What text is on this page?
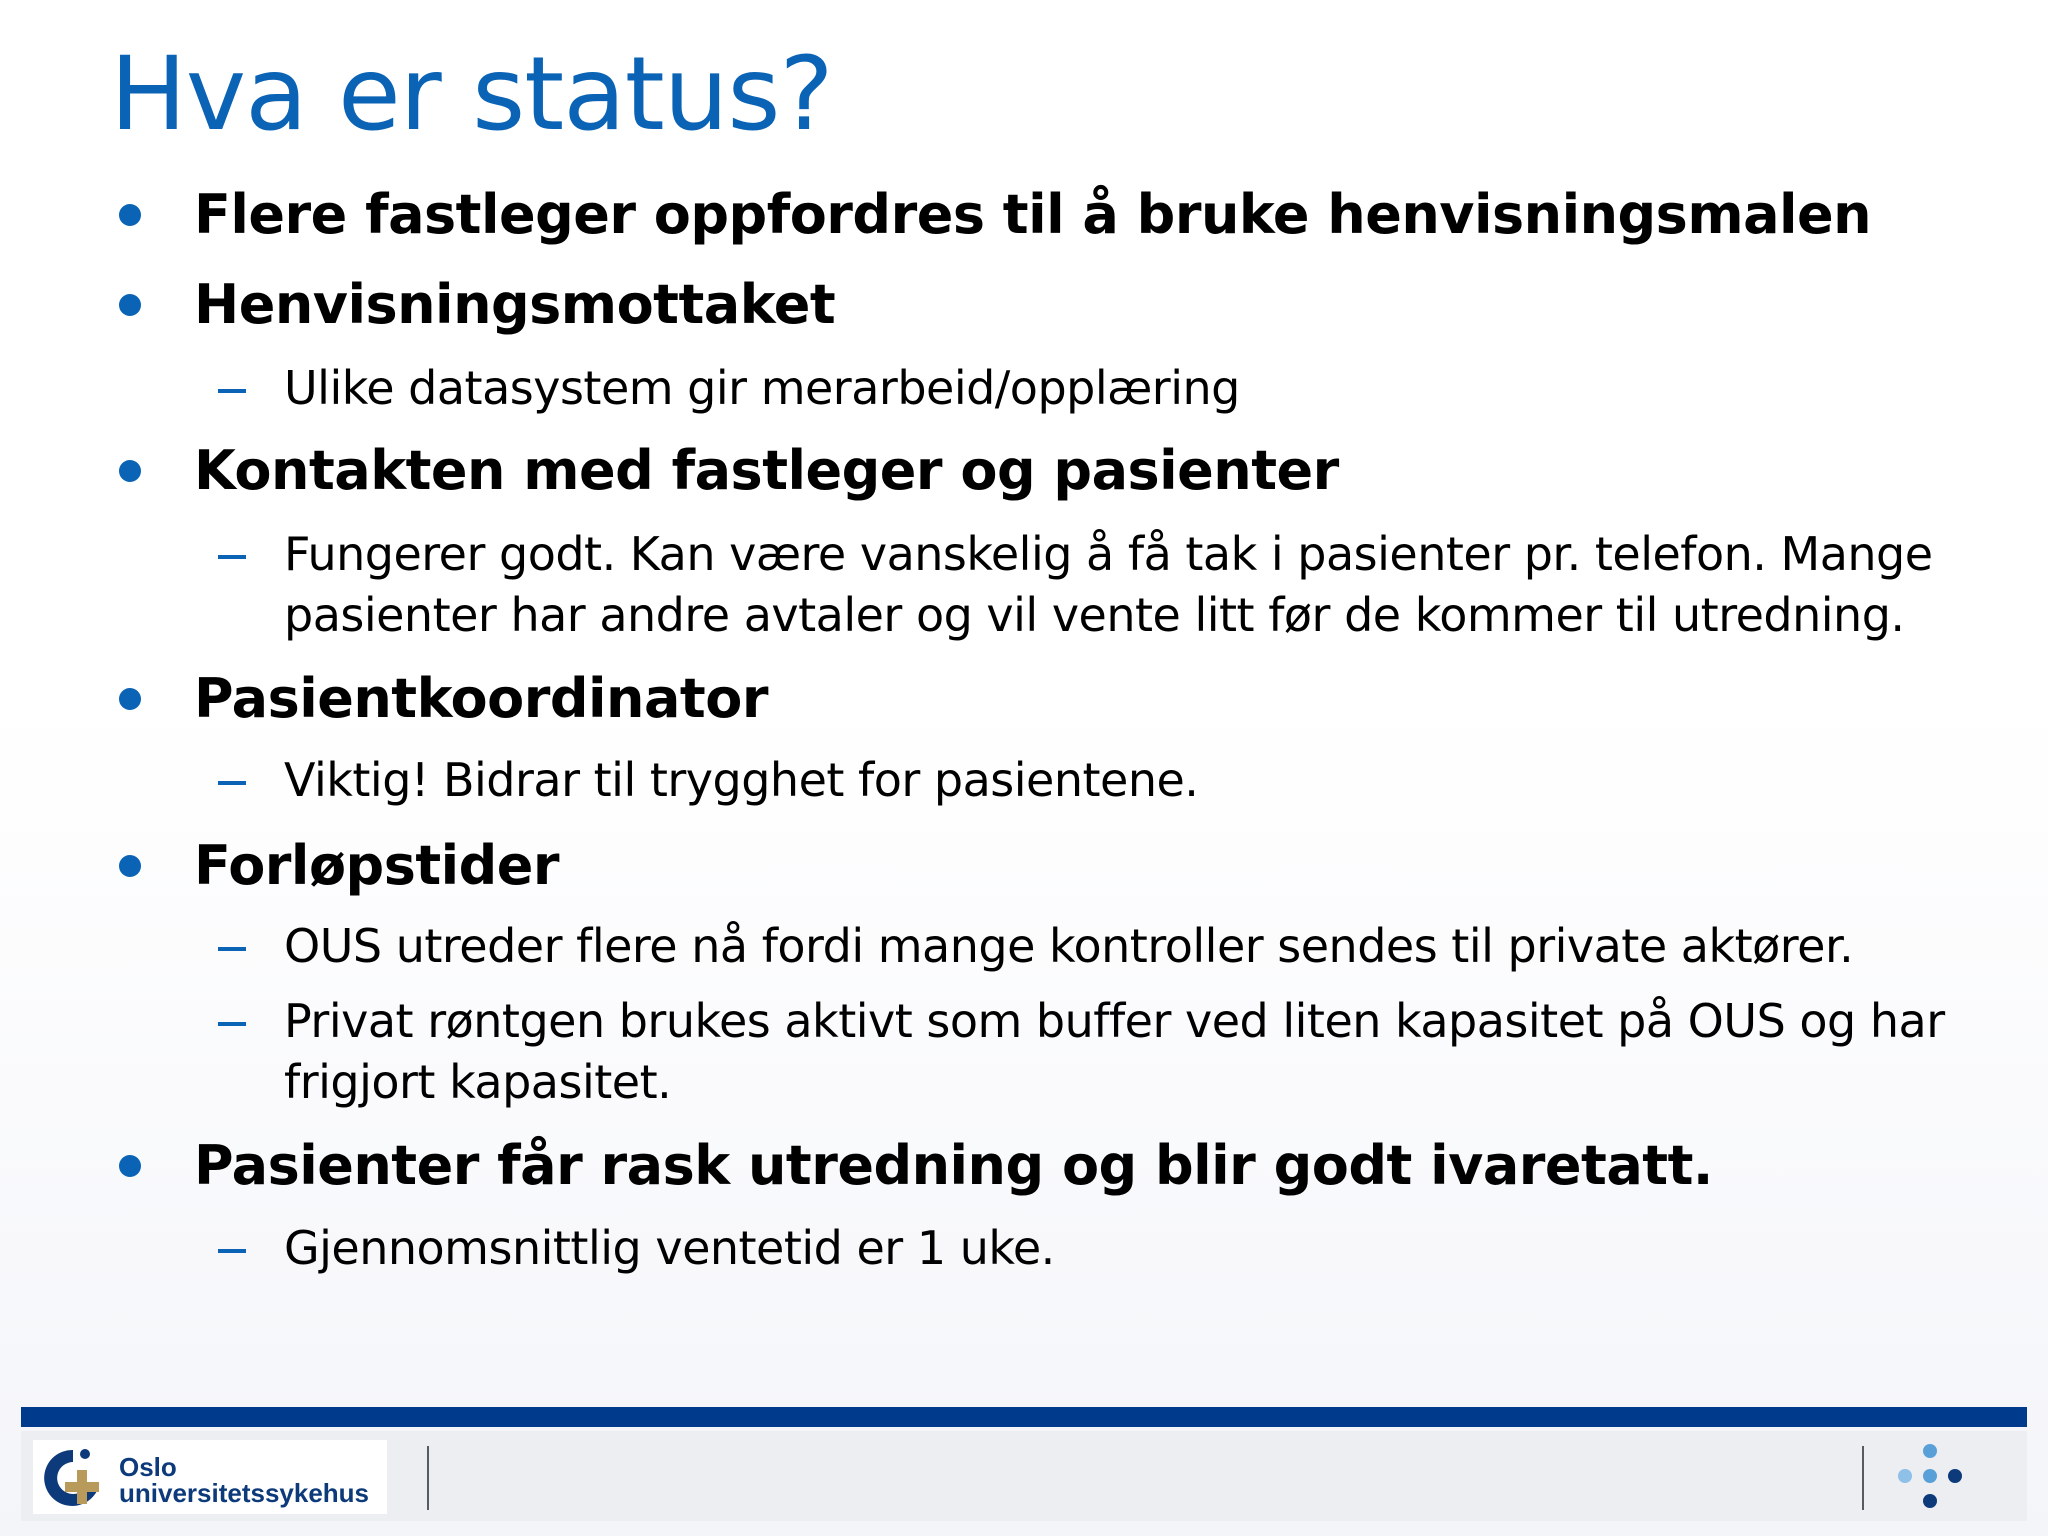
Hva er status?
Flere fastleger oppfordres til å bruke henvisningsmalen
Henvisningsmottaket
Ulike datasystem gir merarbeid/opplæring
Kontakten med fastleger og pasienter
Fungerer godt. Kan være vanskelig å få tak i pasienter pr. telefon. Mange pasienter har andre avtaler og vil vente litt før de kommer til utredning.
Pasientkoordinator
Viktig! Bidrar til trygghet for pasientene.
Forløpstider
OUS utreder flere nå fordi mange kontroller sendes til private aktører.
Privat røntgen brukes aktivt som buffer ved liten kapasitet på OUS og har frigjort kapasitet.
Pasienter får rask utredning og blir godt ivaretatt.
Gjennomsnittlig ventetid er 1 uke.
Oslo
universitetssykehus
